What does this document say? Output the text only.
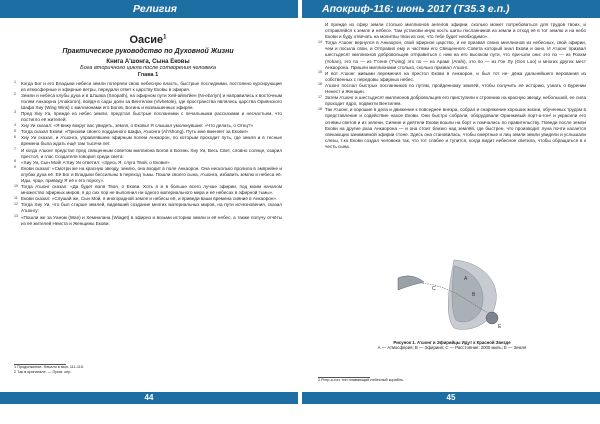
Религия	Апокриф-116: июнь 2017 (ТЗ5.3 е.п.)
Оасие$^1$
Практическое руководство по Духовной Жизни
Книга А'шонга, Сына Ековы
Бога вторичного цикла после сотворения человека
Глава 1

1 Когда Бог и его Владыки небеси земли потеряли свою небесную власть, быстрые последними, постоянно курсирующие из атмосферные и эфирные ветры, передали ответ к царству Ековы в эфирия.

2 Земли и небеса клубы духа и в Ш'шака (Snopath), на эфирном пути Хей-айли'йен (Ni-eba'iyn) и направились к восточным полям Анкаорна (Anakoron), войдя в сады доли за Вентелом (Vivhetole), где пространства являлись царства Ориянского Шафа Хиу (Wing Wins) с миллионами его Богов, Богинь и возвышенных эфирян.

3 Пред Хиу Уа, прежде из небес земли, предстал быстрые посланники с печальными рассказами и несчастьем, что постигло её жителей.

4 Хиу Уи сказал: «Я вижу вокруг вас увидеть, земля, о Ековы! Я слышал умолкнувшие: «Что делать, о Отец?»

5 Тогда сказал Екови: «Призови своего подданного Шафа, А'шонга (Ah'shong). Путь мне вменяет за Екови!»

6 Хиу Уи сказал, и А'шонга, управлявшем эфирным полем Анкаорон, по которым проходит путь, где земля и в тесные времена была ждать ещё там тысячи лет.

7 И когда А'шонг предстал пред священным советом миллиона Богов в Богинь Хиу Уи, Весь Свет, словно солнце, озарил престол, и глас Создателя говорил среди света:

8 «Хиу Уи, Сын Мой! А'Хиу Уи ответил: «Здесь Я, слуга Твой, о Екови!»

9 Екови сказал: «Смотри же на красную звезду, землю, она входит в поле Анкаорон. Она несколько пролила в эмпрейне и клубах духа её. Её Бог и Владыки бессильны в переход тьмы. Пошли своего сына, А'шонга, избавить землю и небеса её. Иды, чрце, приведу Я её к его порогу».

10 Тогда А'шонг сказал: «Да будет воля Твоя, о Екови. Хоть я и в больше всего лучше эфирии, под моим началом множество эфирных миров, я до сих пор не выполнил ни одного материального мира и её небесах в эфирной тьмы».

11 Екови сказал: «Слушай же, Сын Мой, я иногорадной земле и небесы её, и приведи ваши времена сияние в Анкаорон».

12 Тогда Хиу Уи, что был старше землей, видевший создание многих материальных миров, на пути исчезновения, сказал А'шонгу:

13 «Пошли же за Уаном (Wan) и Хемнилана (Wiaget) в эфирно и возьми историю земли и её небес, а также получу отчёты из её жителей Неиста и Женщины Екови.

И прежде из сфер земли столько миллионов ангелов эфирии, сколько может потребоваться для трудов твоих, и отправляйся к земле и небесе. Там установи иную кость шиты посланников из земли и отход её в тот землю и на небо Екови и буду отвечать на молитвы твои из сих, что тебе будет необходимо».

14 Тогда А'шонг вернулся в Анкаорон, свой эфирное царство, и не призвал своих миллионов из небесных, свой эфирии, чем и посыла свои, и Отправил ему и частями его Священного Совета который знал Екови и окно. И А'шонг призвал шестьдесят миллионов добровольцев отправиться с ним на его высоком пути, что при-шли они: это по — из Роахм (Yohan), это по — из Т'сене (T'wing) это по — из Арамг (Arahi), это по — из Гон Лу (Gon Loo) и многих других мест Анкаорона. Пришли миллионами столько, сколько призвал А'шонг.

15 И вот А'шонг живыми переменил на престол Екови в Анкаорон, и был тот не- дёжа дальнейшего верования из собственных с передовы эфирных небес.

16 А'шонг послал быстрых посланников по путям, пройденному землёй, чтобы получить её историю, узнать о Бурении Ненест и Женщин.

17 Затем А'шонг и шестьдесят миллионов добровольцев его приступили к строению на красную звезду, небольшой, ее сила проходит ядро, подвезти Вентилем.

18 Так А'шонг, и хорошие в дела и движение к повседнее внезра, собрал и снаряжение хороших жизни, обученных трудом в представление и содействие нахое Екови. Они быстро собрали, оборудовали Оранжевый порт-а-гон² и украсили его огнямы светов и из зелени. Сияние и деятели Екови вошли на борт и помчались по правительству. Поведи после земли Екови на другие раза Анкаорона — и она стоит близко над землёй, где быстрее, что производит луна почти касается свекающих занимаемой эфирии стоне. Здесь она становилась, чтобы смертные и лиц земли земли увидели и услышали слезы, т.ко Екови создал человека так, что тот слабее и тупится, когда видит небесное светила, чтобы обращаться в к честь сына.

A
B
C
E
Рисунок 1. А'шонг и Эфирийцы Идут к Красной Звезде
А — Атмосферия; В — Эфириия; С — Расстояние: 2000 миль; Е — Земля
1 Продолжение. Начало в вып. 111-115.
2 Так в оригинале. — Прим. сер.
2 Ротр-а-гон; тип плавающий небесный корабль.
44	45
